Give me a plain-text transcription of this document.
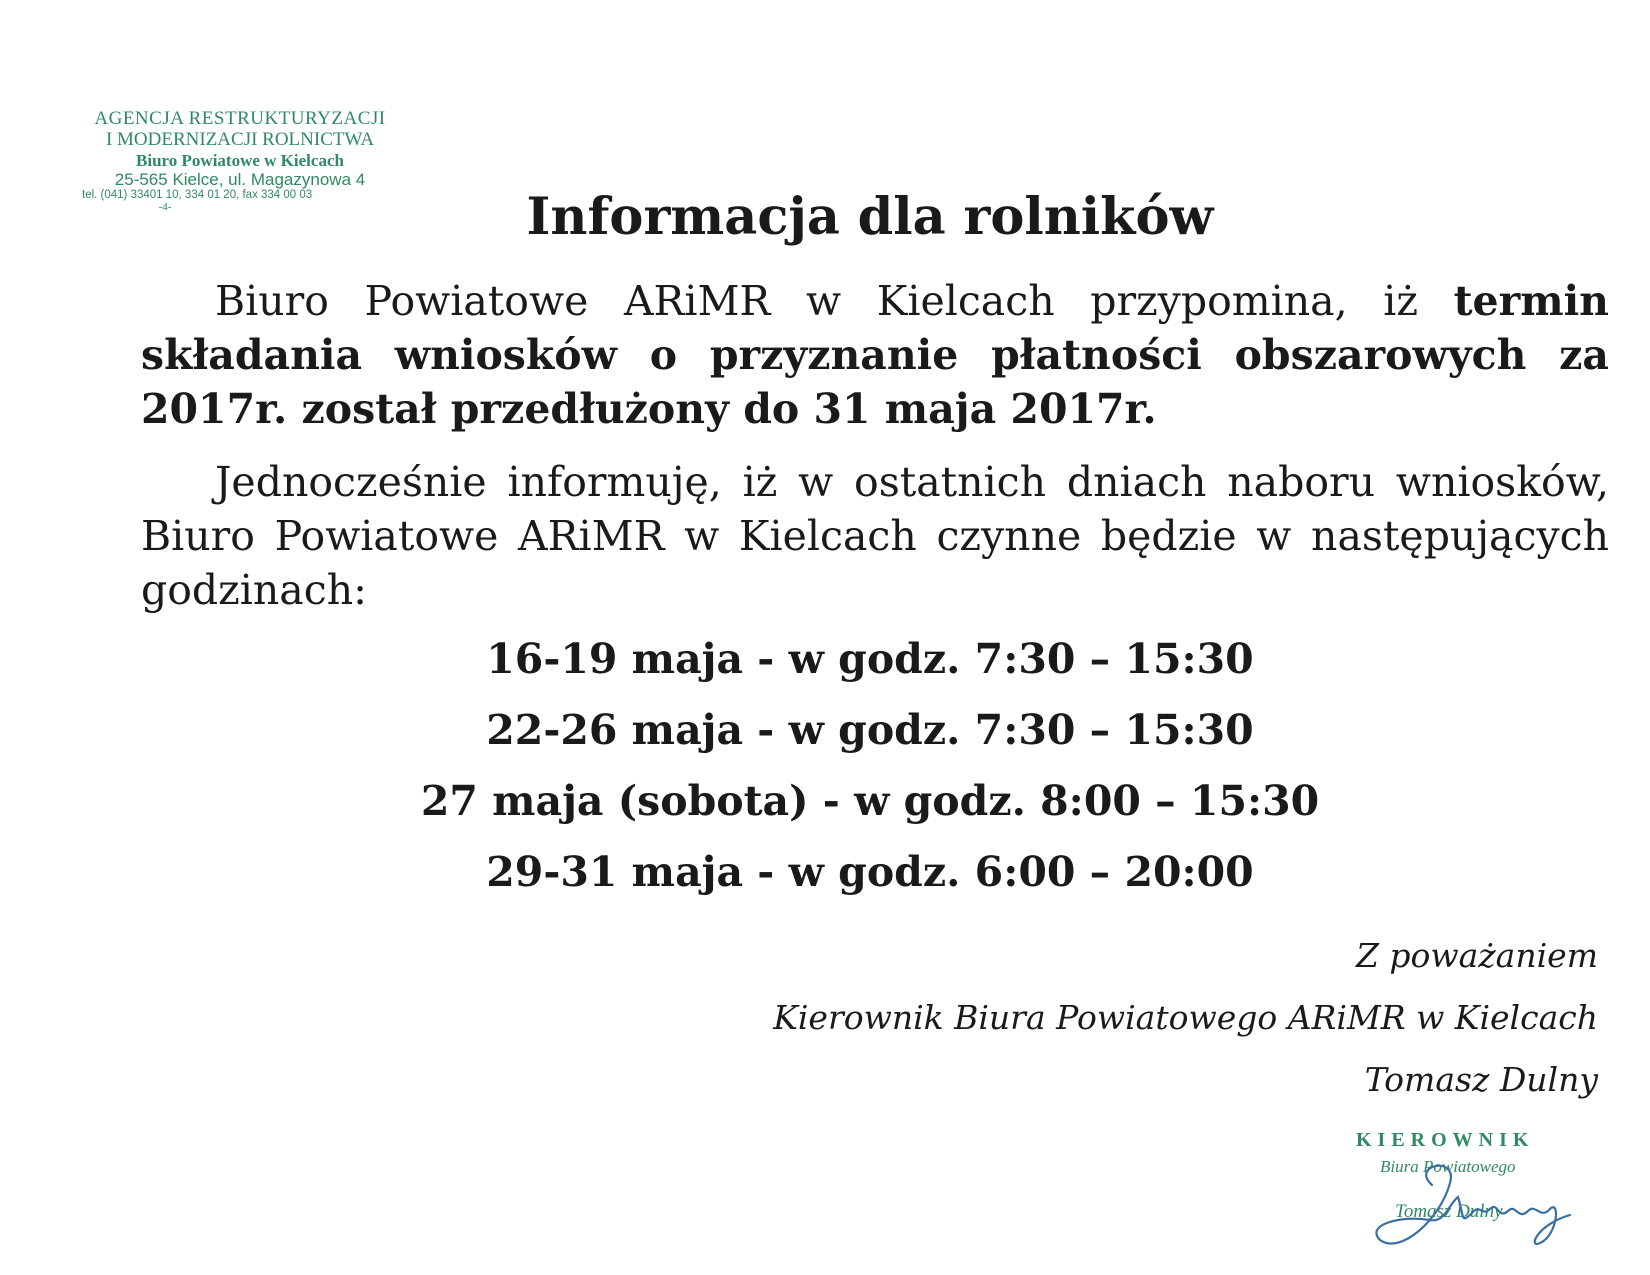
AGENCJA RESTRUKTURYZACJI
I MODERNIZACJI ROLNICTWA
Biuro Powiatowe w Kielcach
25-565 Kielce, ul. Magazynowa 4
tel. (041) 33401 10, 334 01 20, fax 334 00 03
-4-	Informacja dla rolników

Biuro Powiatowe ARiMR w Kielcach przypomina, iż termin składania wniosków o przyznanie płatności obszarowych za 2017r. został przedłużony do 31 maja 2017r.

Jednocześnie informuję, iż w ostatnich dniach naboru wniosków, Biuro Powiatowe ARiMR w Kielcach czynne będzie w następujących godzinach:

16-19 maja - w godz. 7:30 – 15:30
22-26 maja - w godz. 7:30 – 15:30
27 maja (sobota) - w godz. 8:00 – 15:30
29-31 maja - w godz. 6:00 – 20:00
Z poważaniem
Kierownik Biura Powiatowego ARiMR w Kielcach
Tomasz Dulny
KIEROWNIK
Biura Powiatowego
Tomasz Dulny
